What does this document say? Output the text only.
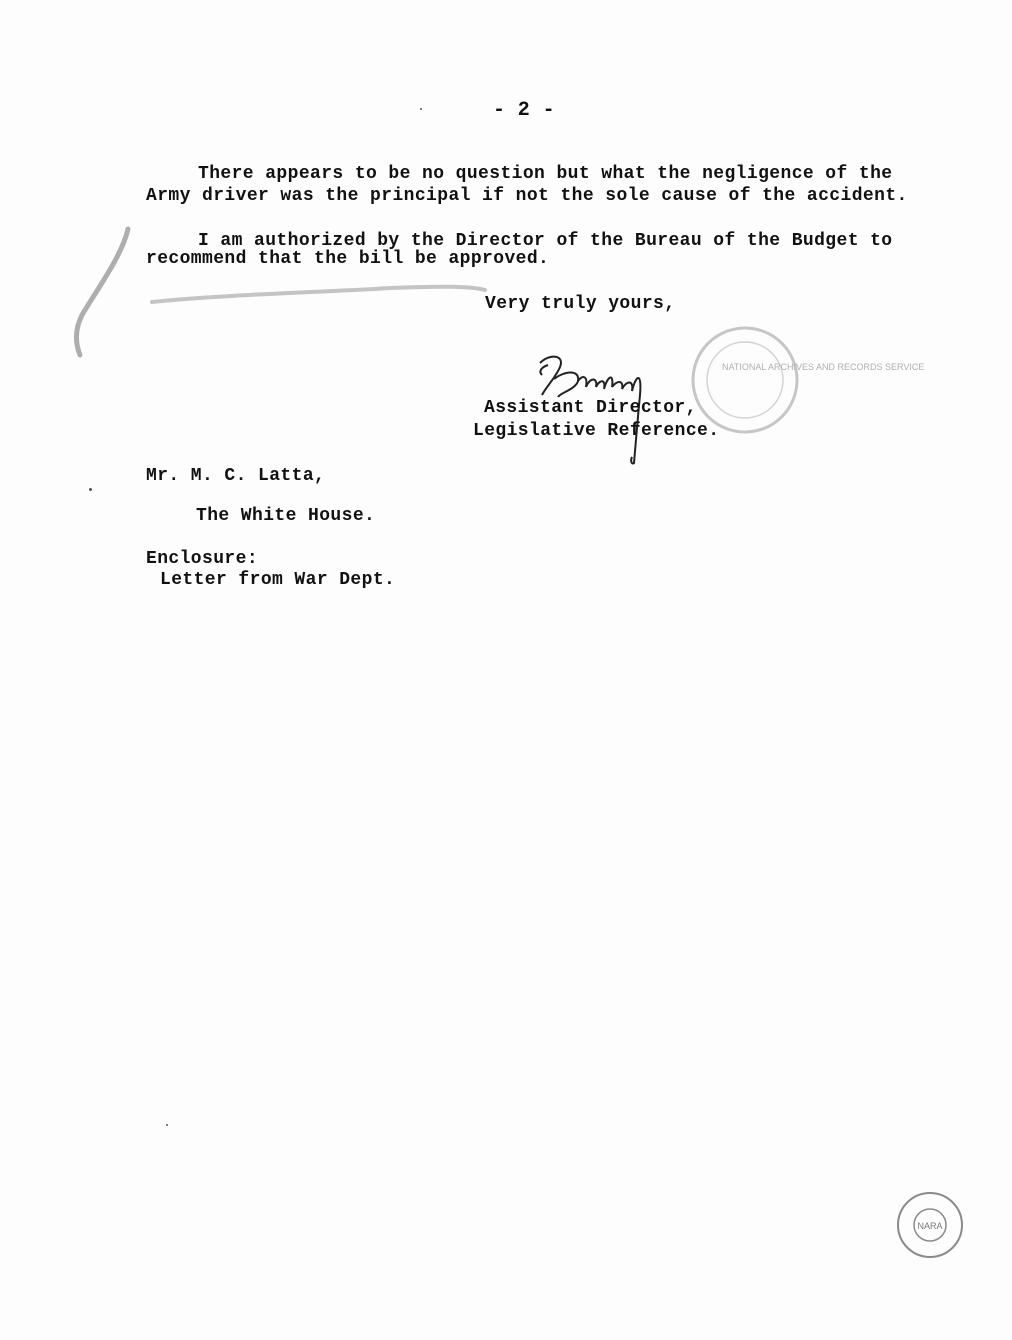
- 2 -
There appears to be no question but what the negligence of the
Army driver was the principal if not the sole cause of the accident.
I am authorized by the Director of the Bureau of the Budget to
recommend that the bill be approved.
Very truly yours,
Assistant Director,
Legislative Reference.
NATIONAL ARCHIVES AND RECORDS SERVICE
Mr. M. C. Latta,
The White House.
Enclosure:
Letter from War Dept.
NARA
